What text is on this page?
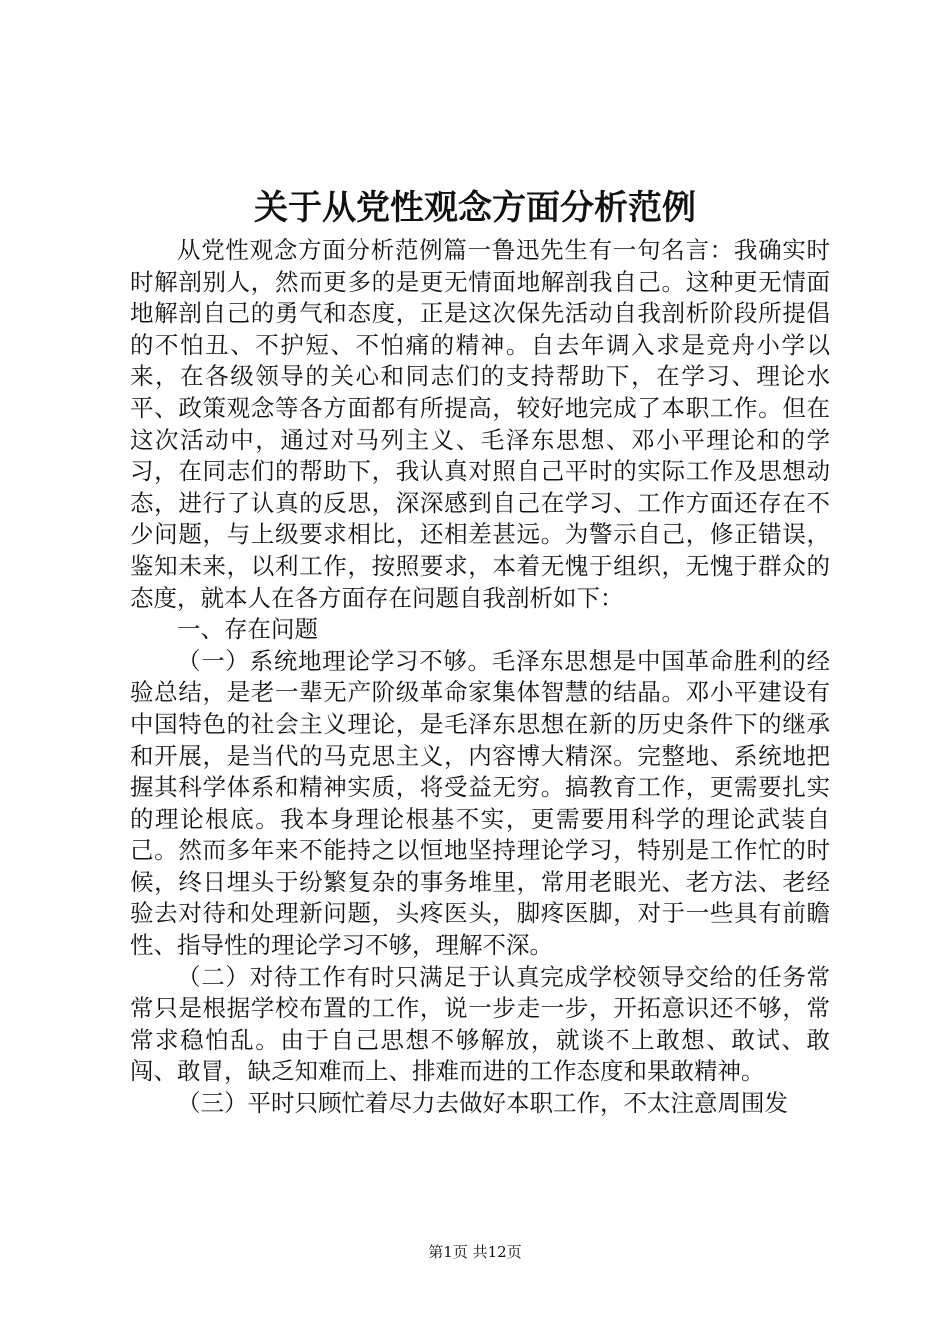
关于从党性观念方面分析范例

从党性观念方面分析范例篇一鲁迅先生有一句名言：我确实时时解剖别人，然而更多的是更无情面地解剖我自己。这种更无情面地解剖自己的勇气和态度，正是这次保先活动自我剖析阶段所提倡的不怕丑、不护短、不怕痛的精神。自去年调入求是竞舟小学以来，在各级领导的关心和同志们的支持帮助下，在学习、理论水平、政策观念等各方面都有所提高，较好地完成了本职工作。但在这次活动中，通过对马列主义、毛泽东思想、邓小平理论和的学习，在同志们的帮助下，我认真对照自己平时的实际工作及思想动态，进行了认真的反思，深深感到自己在学习、工作方面还存在不少问题，与上级要求相比，还相差甚远。为警示自己，修正错误，鉴知未来，以利工作，按照要求，本着无愧于组织，无愧于群众的态度，就本人在各方面存在问题自我剖析如下：

一、存在问题

（一）系统地理论学习不够。毛泽东思想是中国革命胜利的经验总结，是老一辈无产阶级革命家集体智慧的结晶。邓小平建设有中国特色的社会主义理论，是毛泽东思想在新的历史条件下的继承和开展，是当代的马克思主义，内容博大精深。完整地、系统地把握其科学体系和精神实质，将受益无穷。搞教育工作，更需要扎实的理论根底。我本身理论根基不实，更需要用科学的理论武装自己。然而多年来不能持之以恒地坚持理论学习，特别是工作忙的时候，终日埋头于纷繁复杂的事务堆里，常用老眼光、老方法、老经验去对待和处理新问题，头疼医头，脚疼医脚，对于一些具有前瞻性、指导性的理论学习不够，理解不深。

（二）对待工作有时只满足于认真完成学校领导交给的任务常常只是根据学校布置的工作，说一步走一步，开拓意识还不够，常常求稳怕乱。由于自己思想不够解放，就谈不上敢想、敢试、敢闯、敢冒，缺乏知难而上、排难而进的工作态度和果敢精神。

（三）平时只顾忙着尽力去做好本职工作，不太注意周围发

第1页 共12页
